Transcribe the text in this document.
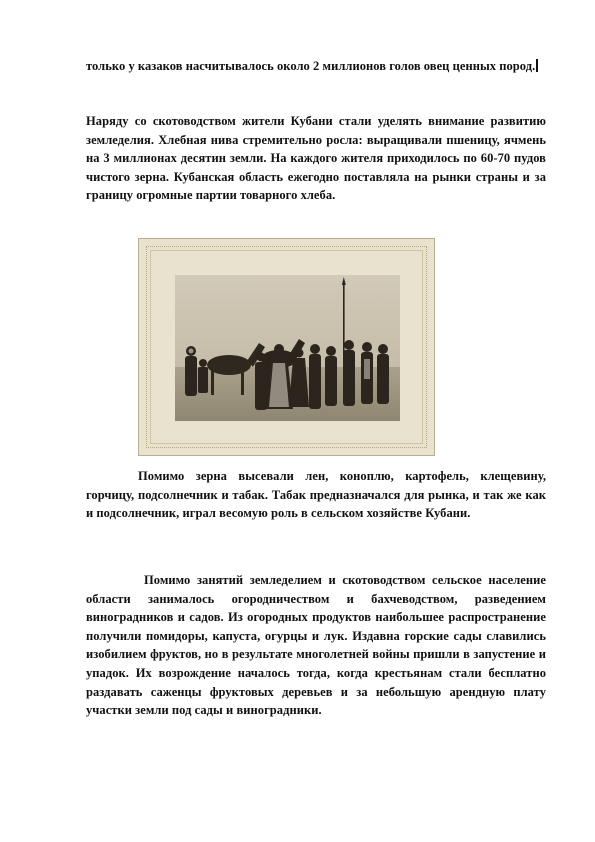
только у казаков насчитывалось около 2 миллионов голов овец ценных пород.

Наряду со скотоводством жители Кубани стали уделять внимание развитию земледелия. Хлебная нива стремительно росла: выращивали пшеницу, ячмень на 3 миллионах десятин земли. На каждого жителя приходилось по 60-70 пудов чистого зерна. Кубанская область ежегодно поставляла на рынки страны и за границу огромные партии товарного хлеба.

Помимо зерна высевали лен, коноплю, картофель, клещевину, горчицу, подсолнечник и табак. Табак предназначался для рынка, и так же как и подсолнечник, играл весомую роль в сельском хозяйстве Кубани.

Помимо занятий земледелием и скотоводством сельское население области занималось огородничеством и бахчеводством, разведением виноградников и садов. Из огородных продуктов наибольшее распространение получили помидоры, капуста, огурцы и лук. Издавна горские сады славились изобилием фруктов, но в результате многолетней войны пришли в запустение и упадок. Их возрождение началось тогда, когда крестьянам стали бесплатно раздавать саженцы фруктовых деревьев и за небольшую арендную плату участки земли под сады и виноградники.
